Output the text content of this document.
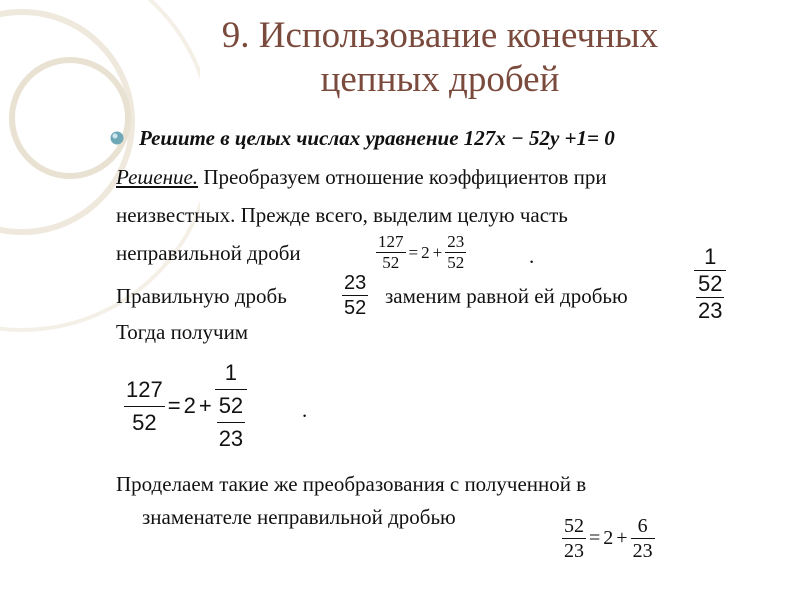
9. Использование конечных
цепных дробей
Решите в целых числах уравнение 127x − 52y +1= 0
Решение. Преобразуем отношение коэффициентов при
неизвестных. Прежде всего, выделим целую часть
неправильной дроби	$\frac{127}{52} = 2 + \frac{23}{52}$	.
Правильную дробь	$\frac{23}{52}$ заменим равной ей дробью	$\frac{1}{\frac{52}{23}}$
Тогда получим
$\frac{127}{52} = 2 + \frac{1}{\frac{52}{23}}$	.
Проделаем такие же преобразования с полученной в
знаменателе неправильной дробью	$\frac{52}{23} = 2 + \frac{6}{23}$
